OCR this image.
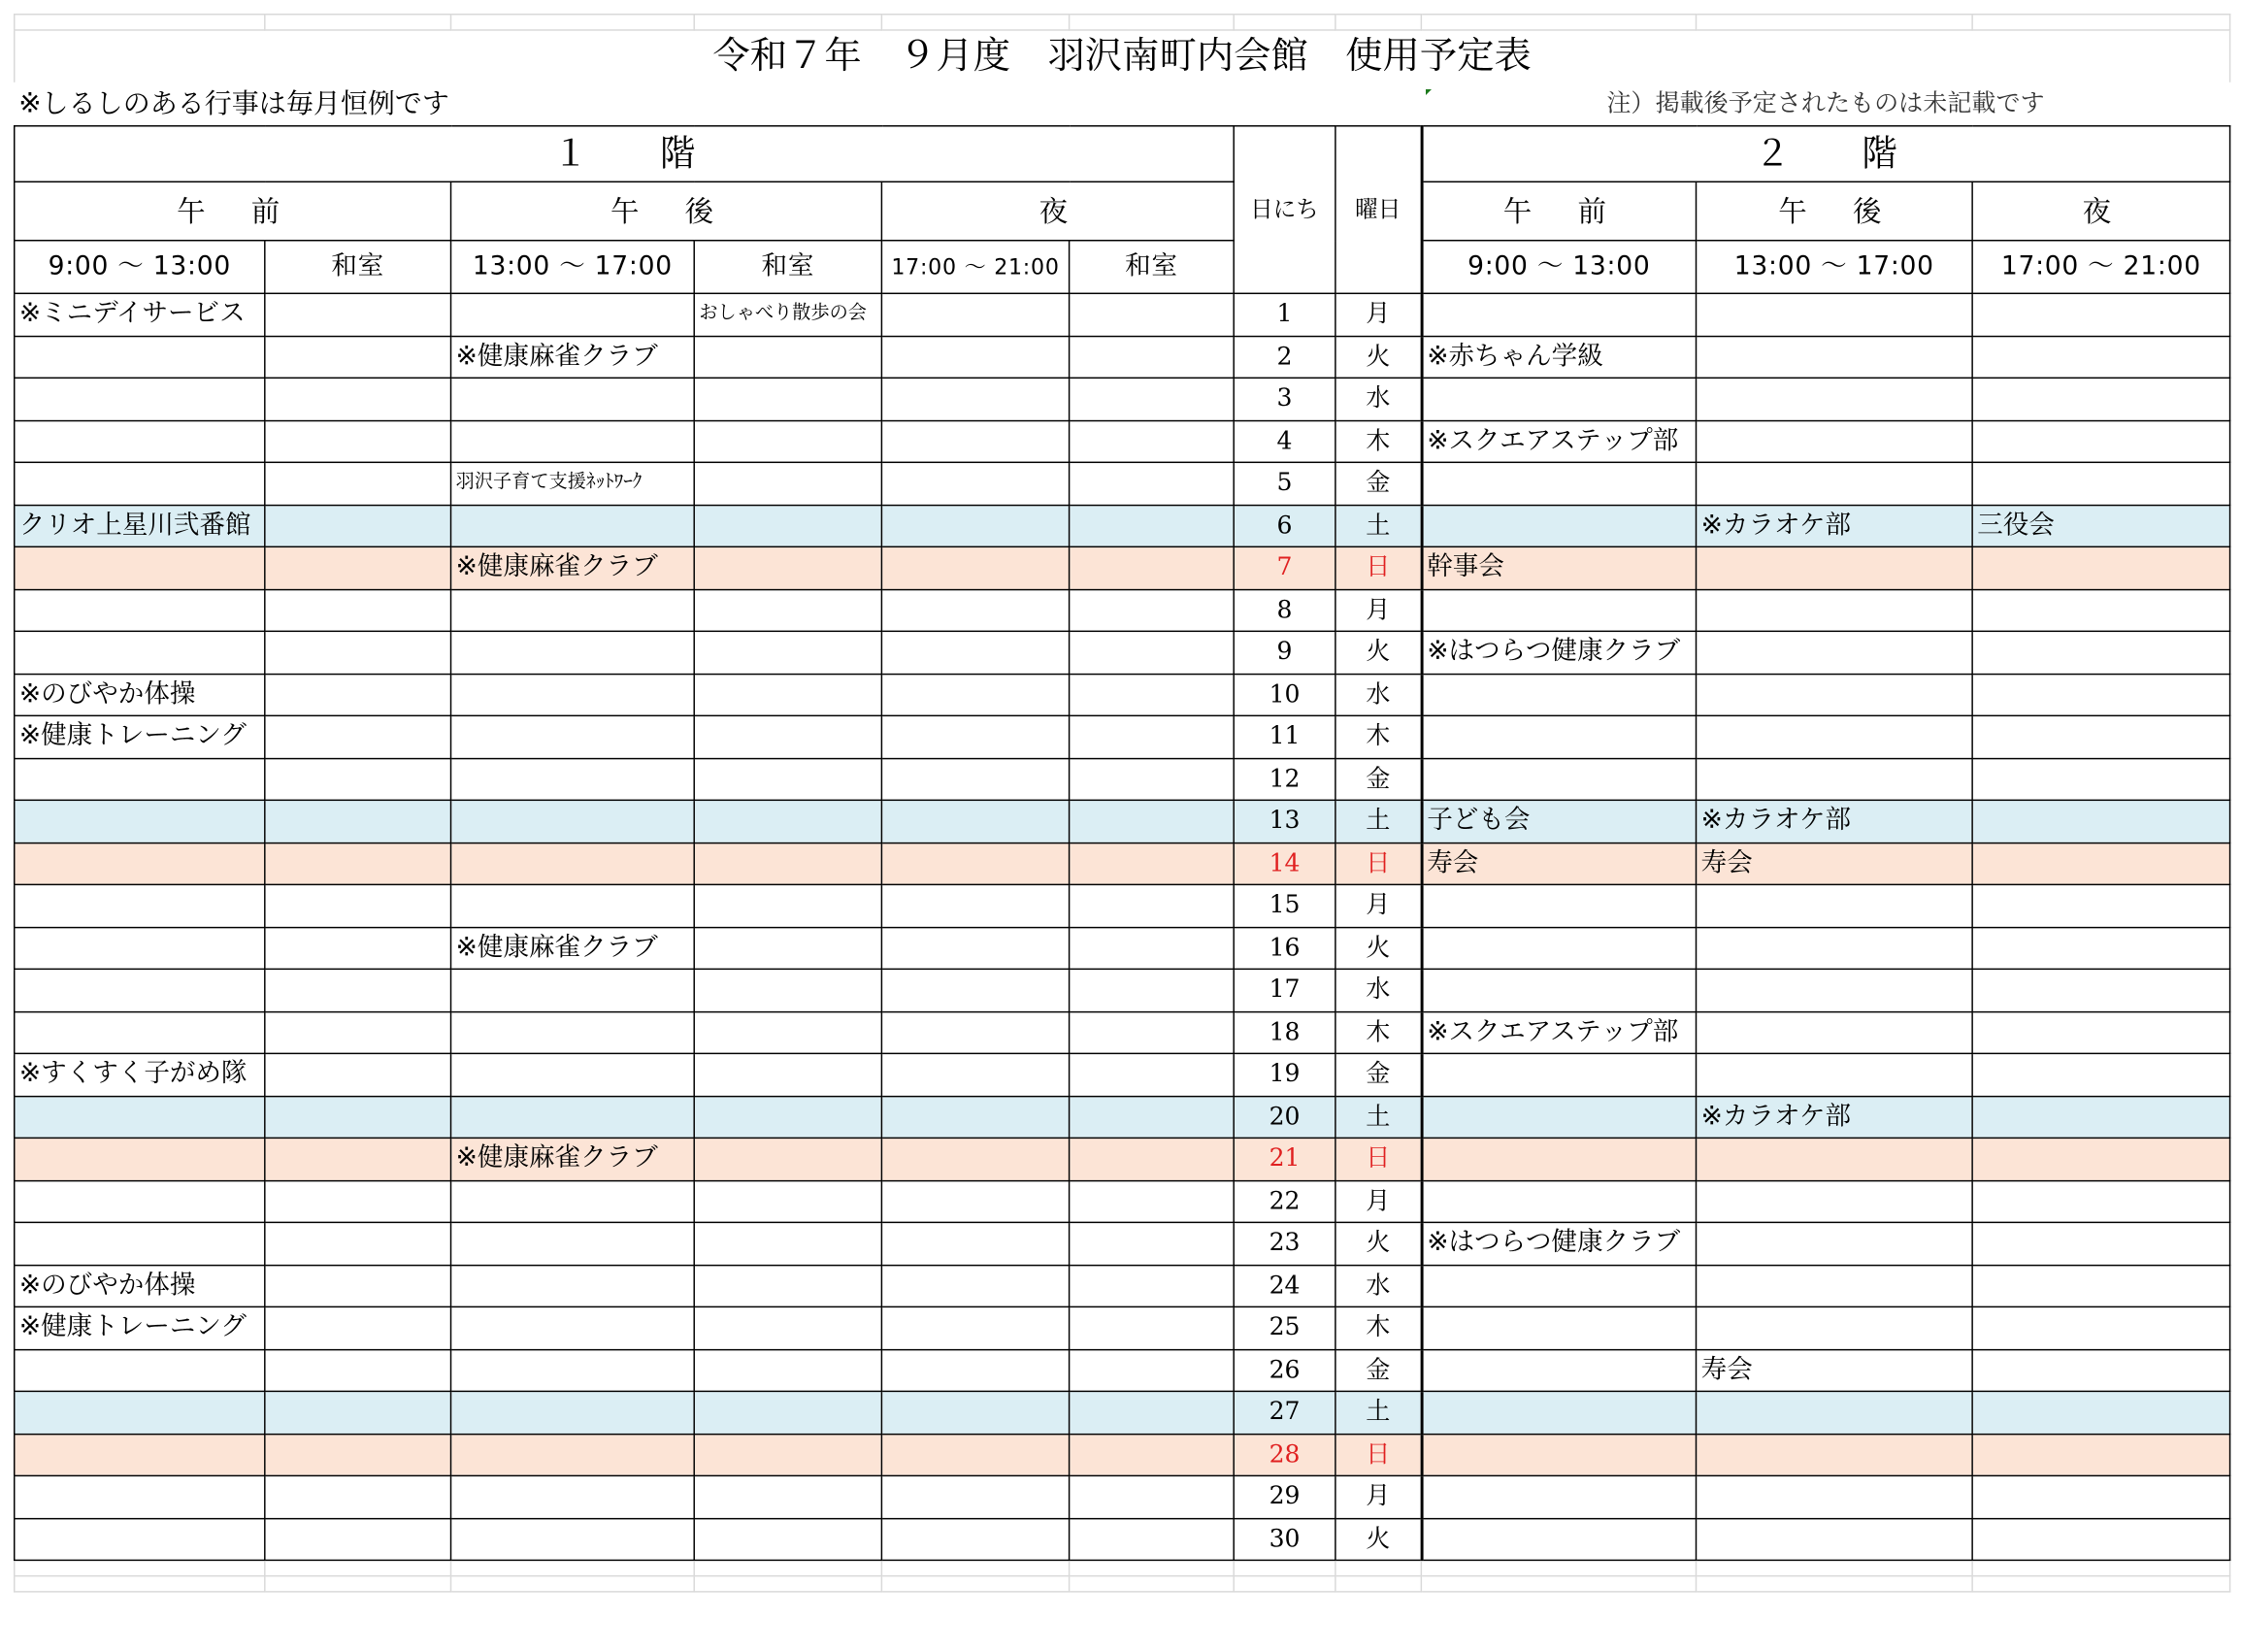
令和７年　９月度　羽沢南町内会館　使用予定表										
※しるしのある行事は毎月恒例です								注）掲載後予定されたものは未記載です		
１　　階						日にち	曜日	２　　階		
午　前		午　後		夜				午　前	午　後	夜
9:00 〜 13:00	和室	13:00 〜 17:00	和室	17:00 〜 21:00	和室			9:00 〜 13:00	13:00 〜 17:00	17:00 〜 21:00
※ミニデイサービス			おしゃべり散歩の会			1	月			
		※健康麻雀クラブ				2	火	※赤ちゃん学級		
						3	水			
						4	木	※スクエアステップ部		
		羽沢子育て支援ﾈｯﾄﾜｰｸ				5	金			
クリオ上星川弐番館						6	土		※カラオケ部	三役会
		※健康麻雀クラブ				7	日	幹事会		
						8	月			
						9	火	※はつらつ健康クラブ		
※のびやか体操						10	水			
※健康トレーニング						11	木			
						12	金			
						13	土	子ども会	※カラオケ部	
						14	日	寿会	寿会	
						15	月			
		※健康麻雀クラブ				16	火			
						17	水			
						18	木	※スクエアステップ部		
※すくすく子がめ隊						19	金			
						20	土		※カラオケ部	
		※健康麻雀クラブ				21	日			
						22	月			
						23	火	※はつらつ健康クラブ		
※のびやか体操						24	水			
※健康トレーニング						25	木			
						26	金		寿会	
						27	土			
						28	日			
						29	月			
						30	火			
